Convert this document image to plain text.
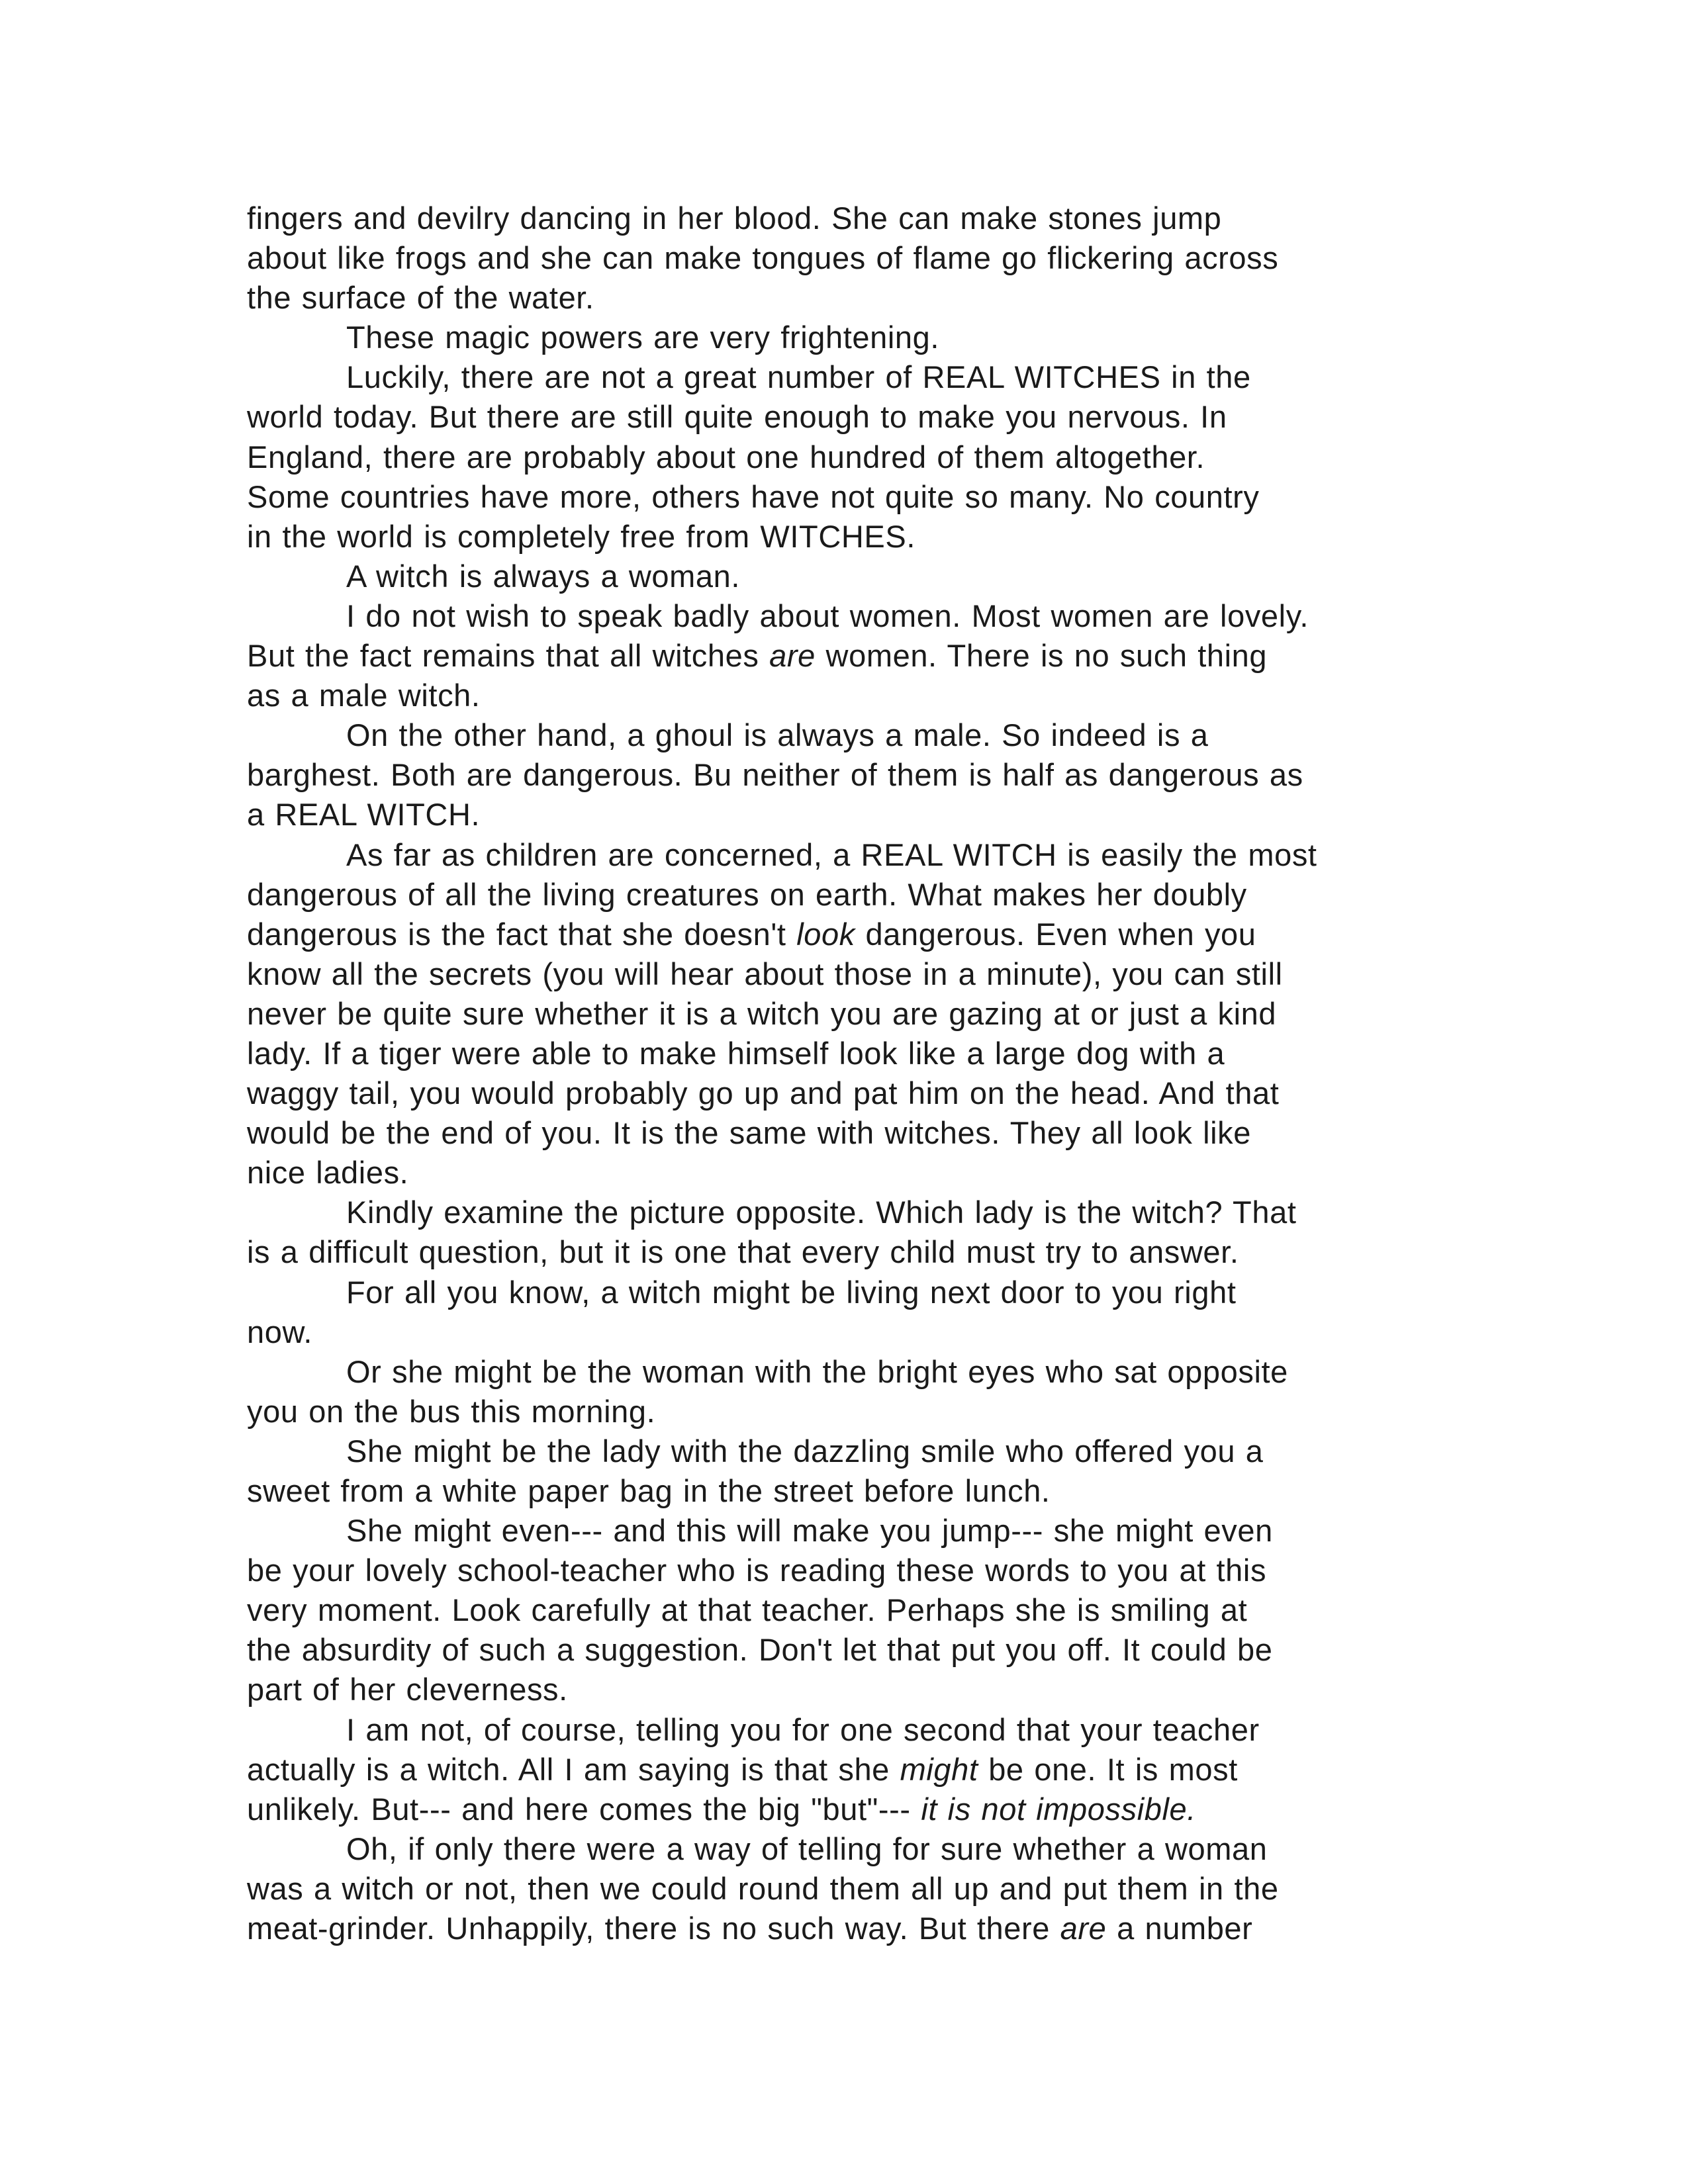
fingers and devilry dancing in her blood. She can make stones jump
about like frogs and she can make tongues of flame go flickering across
the surface of the water.
These magic powers are very frightening.
Luckily, there are not a great number of REAL WITCHES in the
world today. But there are still quite enough to make you nervous. In
England, there are probably about one hundred of them altogether.
Some countries have more, others have not quite so many. No country
in the world is completely free from WITCHES.
A witch is always a woman.
I do not wish to speak badly about women. Most women are lovely.
But the fact remains that all witches are women. There is no such thing
as a male witch.
On the other hand, a ghoul is always a male. So indeed is a
barghest. Both are dangerous. Bu neither of them is half as dangerous as
a REAL WITCH.
As far as children are concerned, a REAL WITCH is easily the most
dangerous of all the living creatures on earth. What makes her doubly
dangerous is the fact that she doesn't look dangerous. Even when you
know all the secrets (you will hear about those in a minute), you can still
never be quite sure whether it is a witch you are gazing at or just a kind
lady. If a tiger were able to make himself look like a large dog with a
waggy tail, you would probably go up and pat him on the head. And that
would be the end of you. It is the same with witches. They all look like
nice ladies.
Kindly examine the picture opposite. Which lady is the witch? That
is a difficult question, but it is one that every child must try to answer.
For all you know, a witch might be living next door to you right
now.
Or she might be the woman with the bright eyes who sat opposite
you on the bus this morning.
She might be the lady with the dazzling smile who offered you a
sweet from a white paper bag in the street before lunch.
She might even--- and this will make you jump--- she might even
be your lovely school-teacher who is reading these words to you at this
very moment. Look carefully at that teacher. Perhaps she is smiling at
the absurdity of such a suggestion. Don't let that put you off. It could be
part of her cleverness.
I am not, of course, telling you for one second that your teacher
actually is a witch. All I am saying is that she might be one. It is most
unlikely. But--- and here comes the big "but"--- it is not impossible.
Oh, if only there were a way of telling for sure whether a woman
was a witch or not, then we could round them all up and put them in the
meat-grinder. Unhappily, there is no such way. But there are a number
